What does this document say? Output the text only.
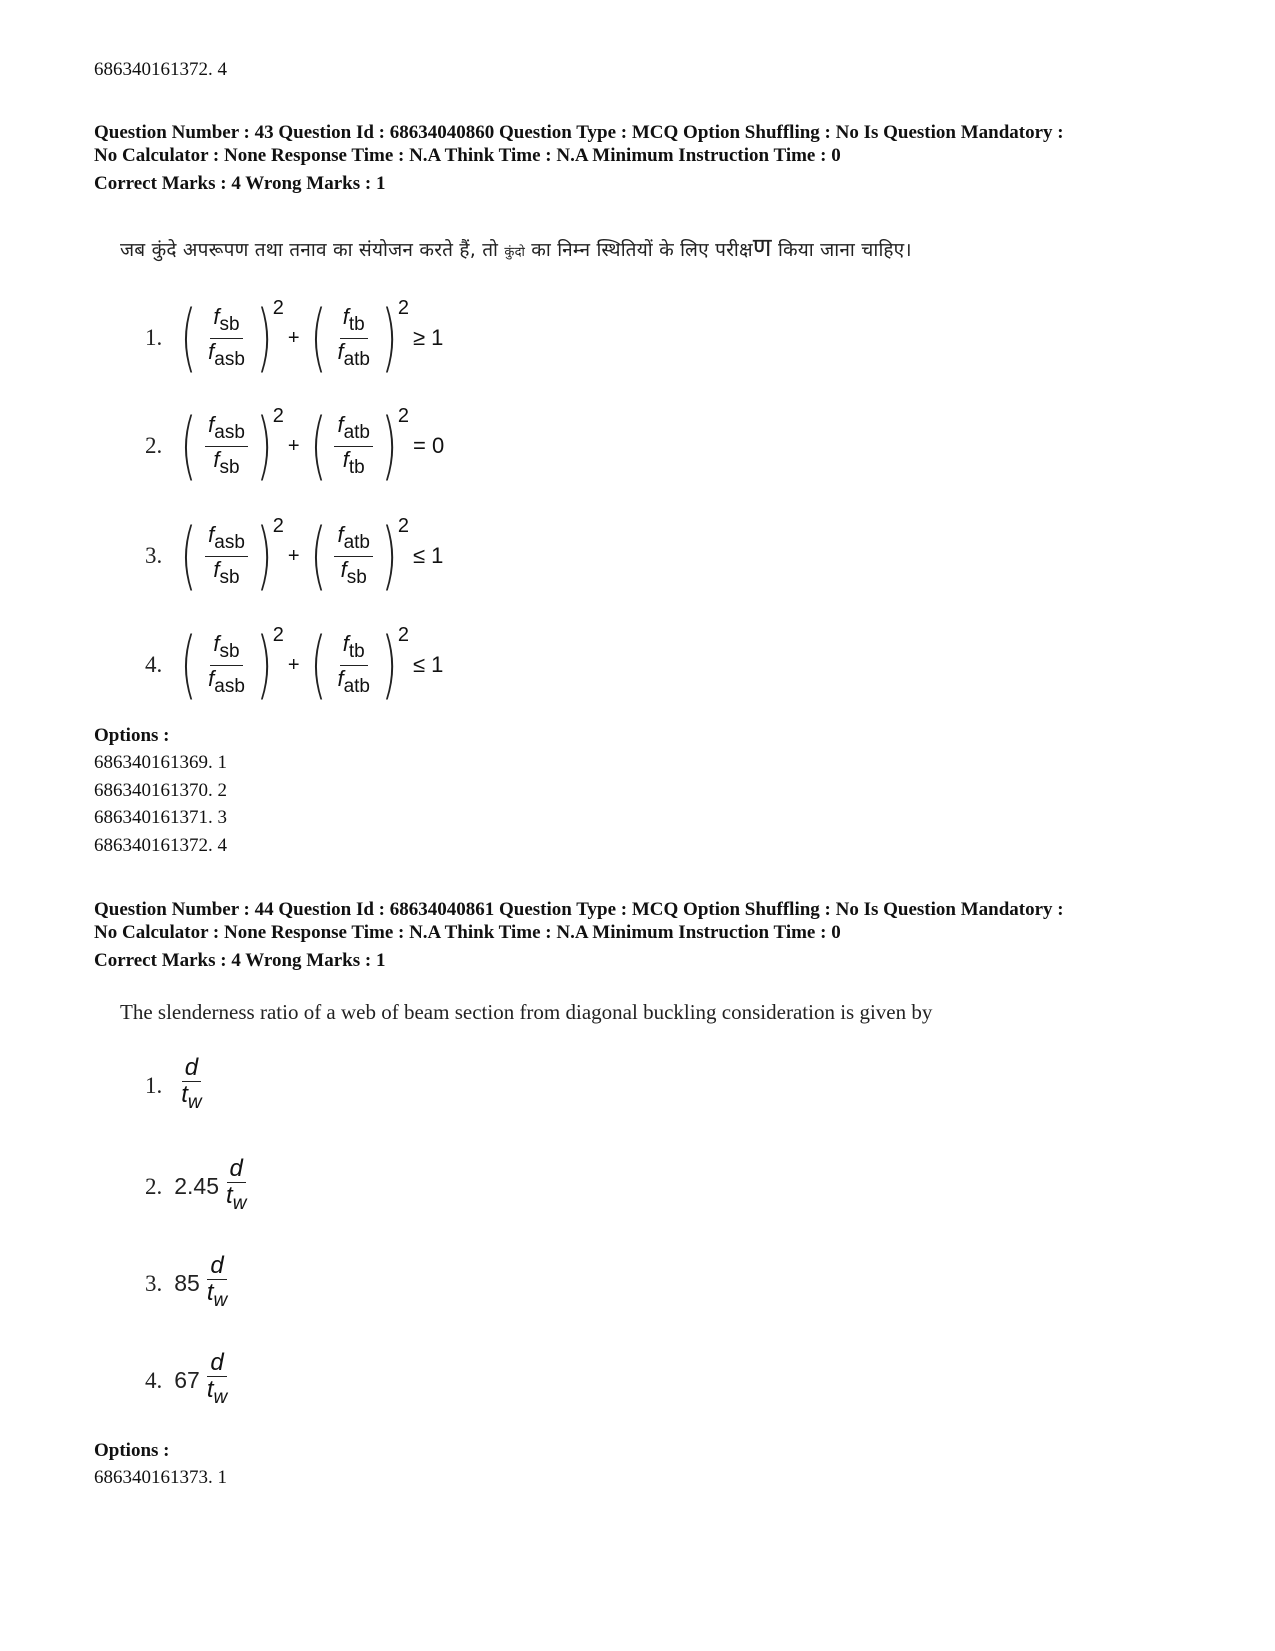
686340161372. 4
Question Number : 43 Question Id : 68634040860 Question Type : MCQ Option Shuffling : No Is Question Mandatory :
No Calculator : None Response Time : N.A Think Time : N.A Minimum Instruction Time : 0
Correct Marks : 4 Wrong Marks : 1
जब कुंदे अपरूपण तथा तनाव का संयोजन करते हैं, तो कुंदो का निम्न स्थितियों के लिए परीक्षण किया जाना चाहिए।
1. ( $\frac{\text{fsb}}{\text{fasb}}$ ) 2
+ ( $\frac{\text{ftb}}{\text{fatb}}$ ) 2
≥ 1
2. ( $\frac{\text{fasb}}{\text{fsb}}$ ) 2
+ ( $\frac{\text{fatb}}{\text{ftb}}$ ) 2
= 0
3. ( $\frac{\text{fasb}}{\text{fsb}}$ ) 2
+ ( $\frac{\text{fatb}}{\text{fsb}}$ ) 2
≤ 1
4. ( $\frac{\text{fsb}}{\text{fasb}}$ ) 2
+ ( $\frac{\text{ftb}}{\text{fatb}}$ ) 2
≤ 1
Options :
686340161369. 1
686340161370. 2
686340161371. 3
686340161372. 4
Question Number : 44 Question Id : 68634040861 Question Type : MCQ Option Shuffling : No Is Question Mandatory :
No Calculator : None Response Time : N.A Think Time : N.A Minimum Instruction Time : 0
Correct Marks : 4 Wrong Marks : 1
The slenderness ratio of a web of beam section from diagonal buckling consideration is given by
1. $\frac{d}{t_w}$
2. $2.45 \frac{d}{t_w}$
3. $85 \frac{d}{t_w}$
4. $67 \frac{d}{t_w}$
Options :
686340161373. 1
